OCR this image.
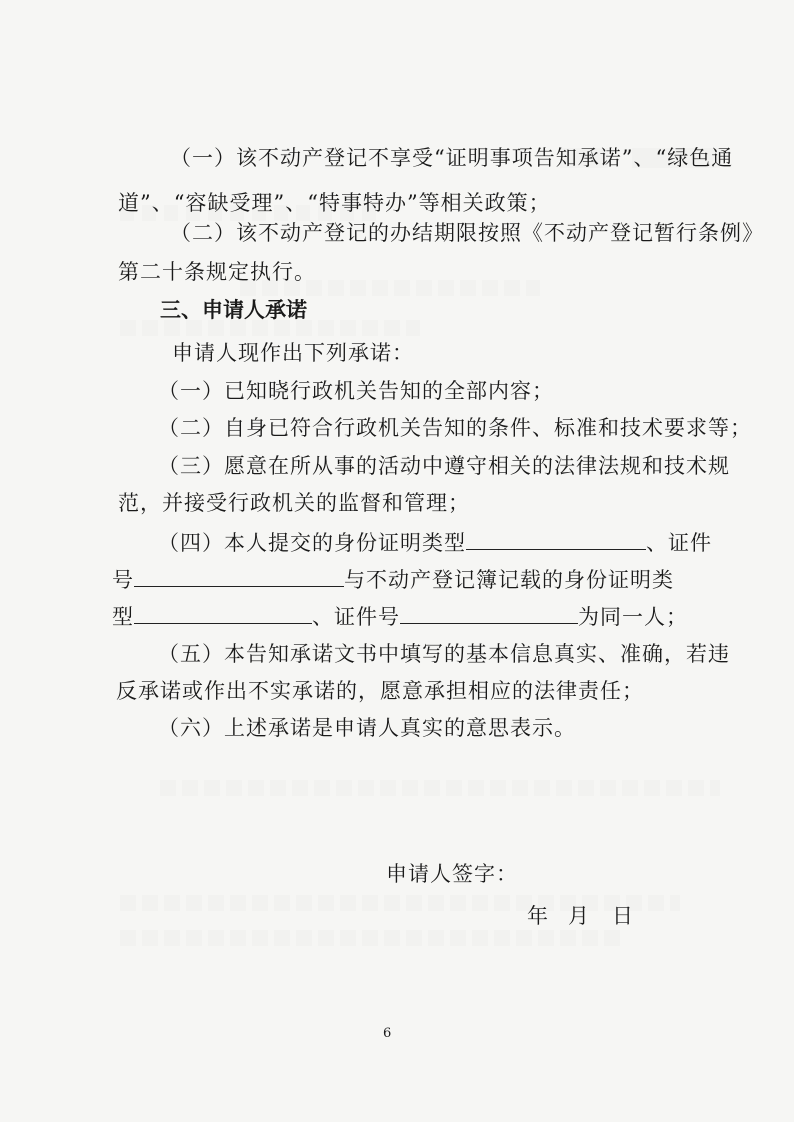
（一）该不动产登记不享受“证明事项告知承诺”、“绿色通
道”、“容缺受理”、“特事特办”等相关政策；
（二）该不动产登记的办结期限按照《不动产登记暂行条例》
第二十条规定执行。
三、申请人承诺
申请人现作出下列承诺：
（一）已知晓行政机关告知的全部内容；
（二）自身已符合行政机关告知的条件、标准和技术要求等；
（三）愿意在所从事的活动中遵守相关的法律法规和技术规
范，并接受行政机关的监督和管理；
（四）本人提交的身份证明类型	、证件
号	与不动产登记簿记载的身份证明类
型	、证件号	为同一人；
（五）本告知承诺文书中填写的基本信息真实、准确，若违
反承诺或作出不实承诺的，愿意承担相应的法律责任；
（六）上述承诺是申请人真实的意思表示。
申请人签字：
年 月 日
6
